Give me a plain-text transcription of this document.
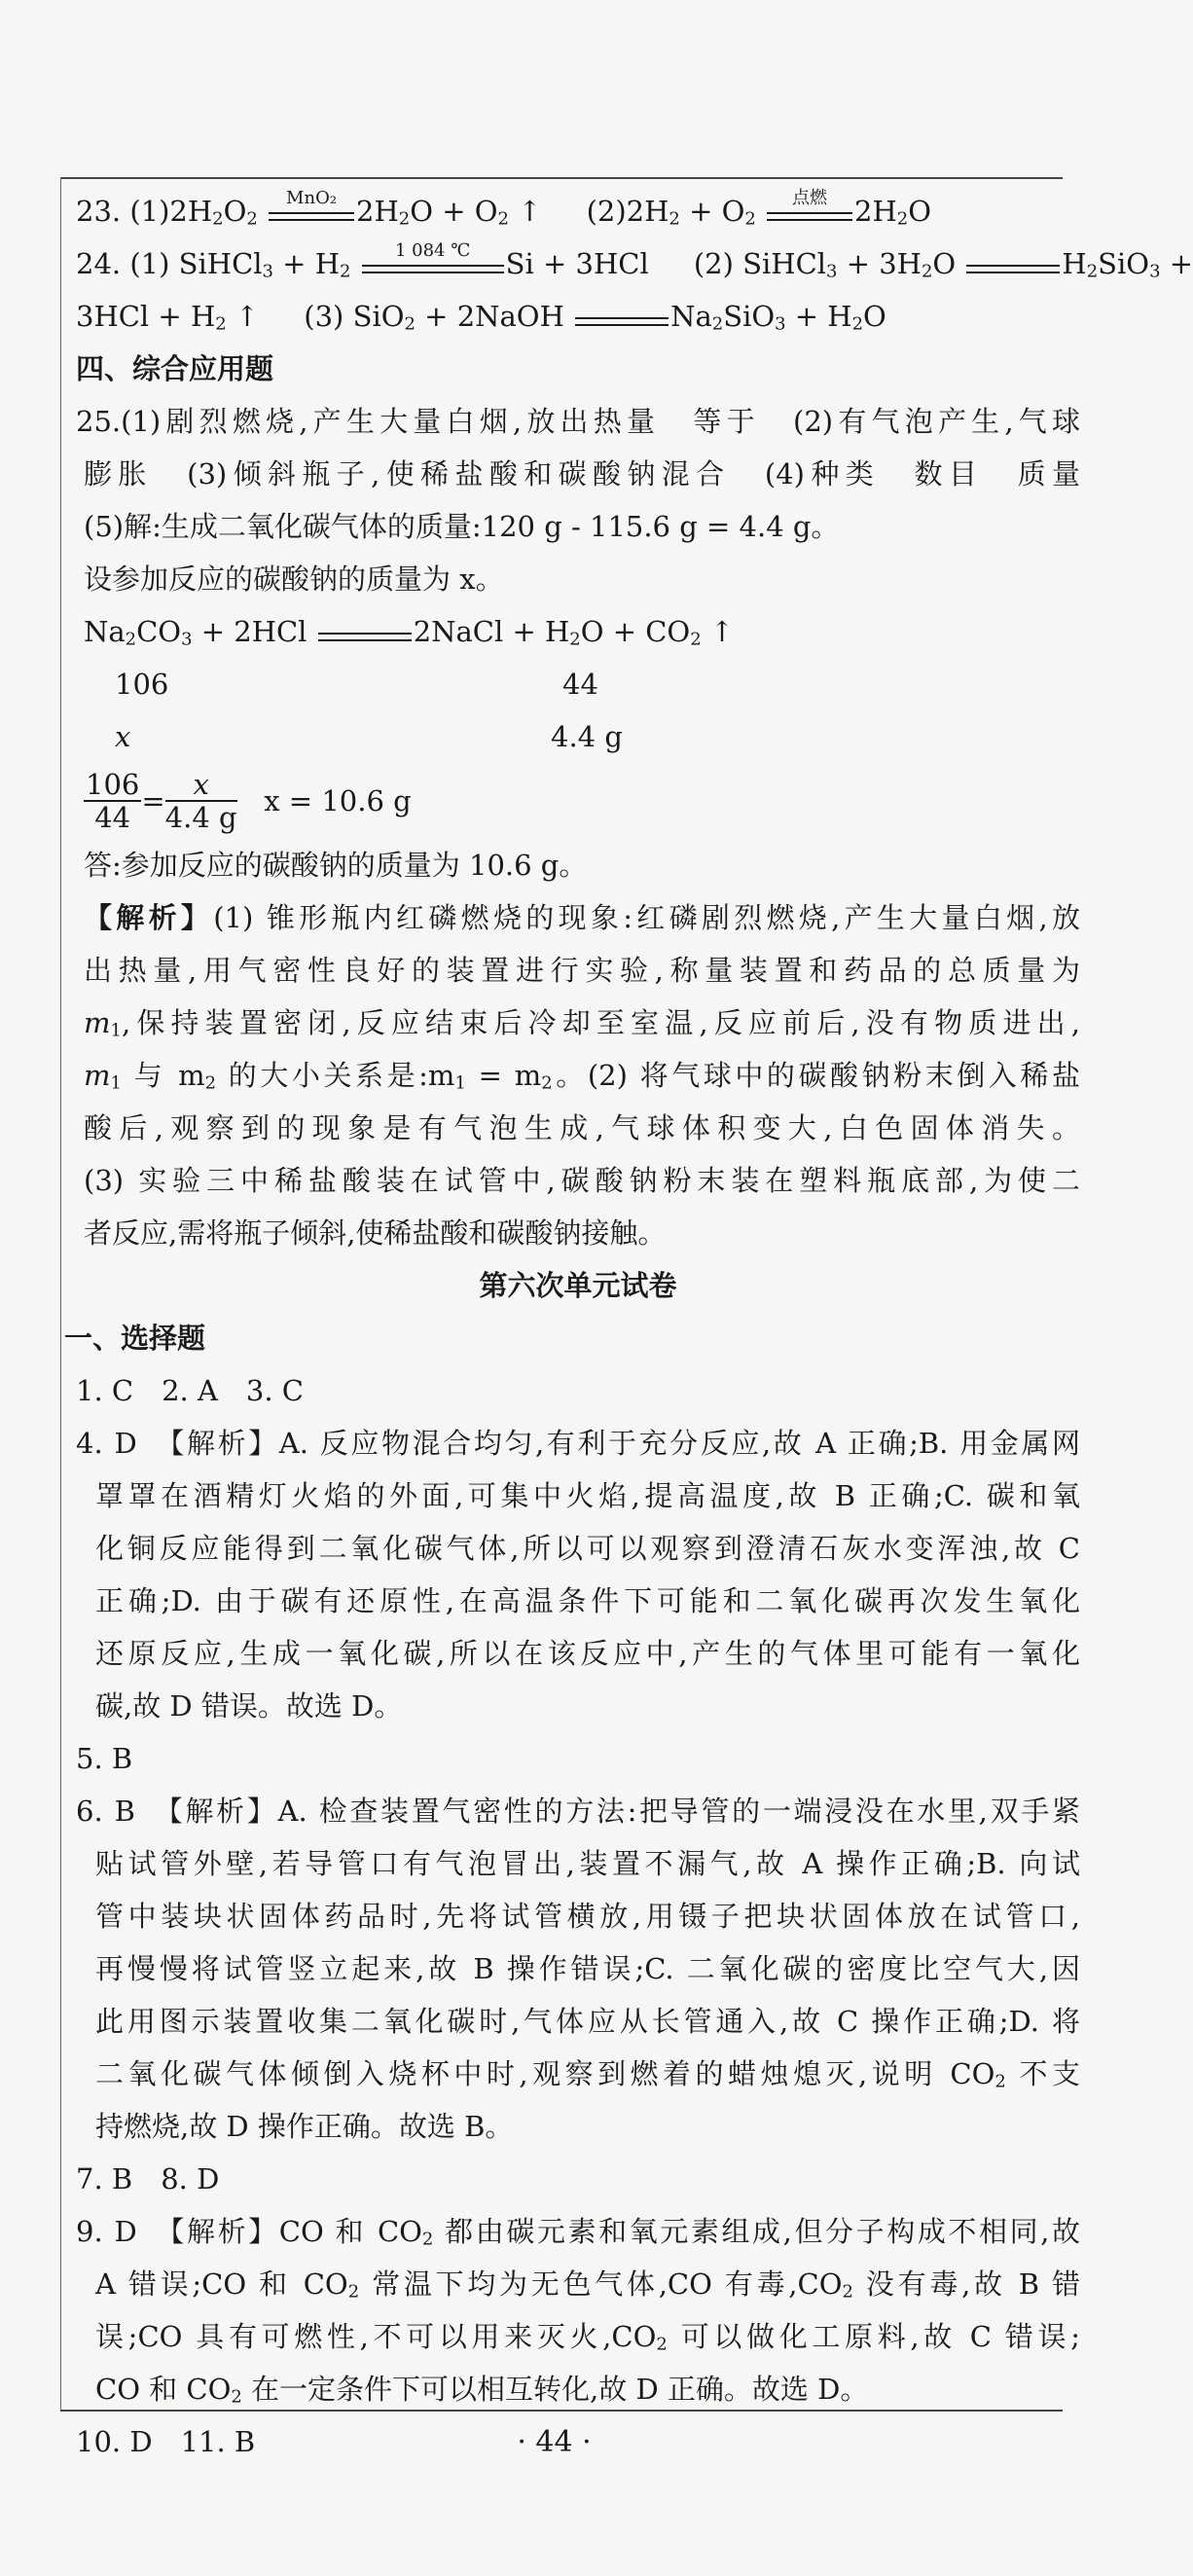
23. $(1)2H_2O_2$
MnO₂ $2H_2O + O_2$ ↑ $(2)2H_2 + O_2$
点燃 $2H_2O$
24. (1) SiHCl$_3$ + $H_2$
1 084 ℃	Si + 3HCl (2) SiHCl$_3$ + $3H_2O$	$H_2SiO_3$ +
$3HCl + H_2$ ↑ (3) SiO$_2$ + 2NaOH	$Na_2SiO_3 + H_2O$
四、综合应用题
25.(1)剧烈燃烧,产生大量白烟,放出热量　等于　(2)有气泡产生,气球
膨胀　(3)倾斜瓶子,使稀盐酸和碳酸钠混合　(4)种类　数目　质量
(5)解:生成二氧化碳气体的质量:120 g - 115.6 g = 4.4 g。
设参加反应的碳酸钠的质量为 x。
$Na_2CO_3 + 2HCl$	2NaCl + $H_2O + CO_2$ ↑
106	44
x	4.4 g
$\frac{106}{44} = \frac{x}{4.4 g}$
x = 10.6 g
答:参加反应的碳酸钠的质量为 10.6 g。
【解析】(1) 锥形瓶内红磷燃烧的现象:红磷剧烈燃烧,产生大量白烟,放
出热量,用气密性良好的装置进行实验,称量装置和药品的总质量为
$m_1$,保持装置密闭,反应结束后冷却至室温,反应前后,没有物质进出,
$m_1$ 与 $m_2$ 的大小关系是$:m_1 = m_2$。(2) 将气球中的碳酸钠粉末倒入稀盐
酸后,观察到的现象是有气泡生成,气球体积变大,白色固体消失。
(3) 实验三中稀盐酸装在试管中,碳酸钠粉末装在塑料瓶底部,为使二
者反应,需将瓶子倾斜,使稀盐酸和碳酸钠接触。
第六次单元试卷
一、选择题
1. C　2. A　3. C
4. D　【解析】A. 反应物混合均匀,有利于充分反应,故 A 正确;B. 用金属网
罩罩在酒精灯火焰的外面,可集中火焰,提高温度,故 B 正确;C. 碳和氧
化铜反应能得到二氧化碳气体,所以可以观察到澄清石灰水变浑浊,故 C
正确;D. 由于碳有还原性,在高温条件下可能和二氧化碳再次发生氧化
还原反应,生成一氧化碳,所以在该反应中,产生的气体里可能有一氧化
碳,故 D 错误。故选 D。
5. B
6. B　【解析】A. 检查装置气密性的方法:把导管的一端浸没在水里,双手紧
贴试管外壁,若导管口有气泡冒出,装置不漏气,故 A 操作正确;B. 向试
管中装块状固体药品时,先将试管横放,用镊子把块状固体放在试管口,
再慢慢将试管竖立起来,故 B 操作错误;C. 二氧化碳的密度比空气大,因
此用图示装置收集二氧化碳时,气体应从长管通入,故 C 操作正确;D. 将
二氧化碳气体倾倒入烧杯中时,观察到燃着的蜡烛熄灭,说明 $CO_2$ 不支
持燃烧,故 D 操作正确。故选 B。
7. B　8. D
9. D　【解析】CO 和 $CO_2$ 都由碳元素和氧元素组成,但分子构成不相同,故
A 错误;CO 和 $CO_2$ 常温下均为无色气体,CO 有毒$,CO_2$ 没有毒,故 B 错
误;CO 具有可燃性,不可以用来灭火$,CO_2$ 可以做化工原料,故 C 错误;
CO 和 $CO_2$ 在一定条件下可以相互转化,故 D 正确。故选 D。
10. D　11. B	· 44 ·
